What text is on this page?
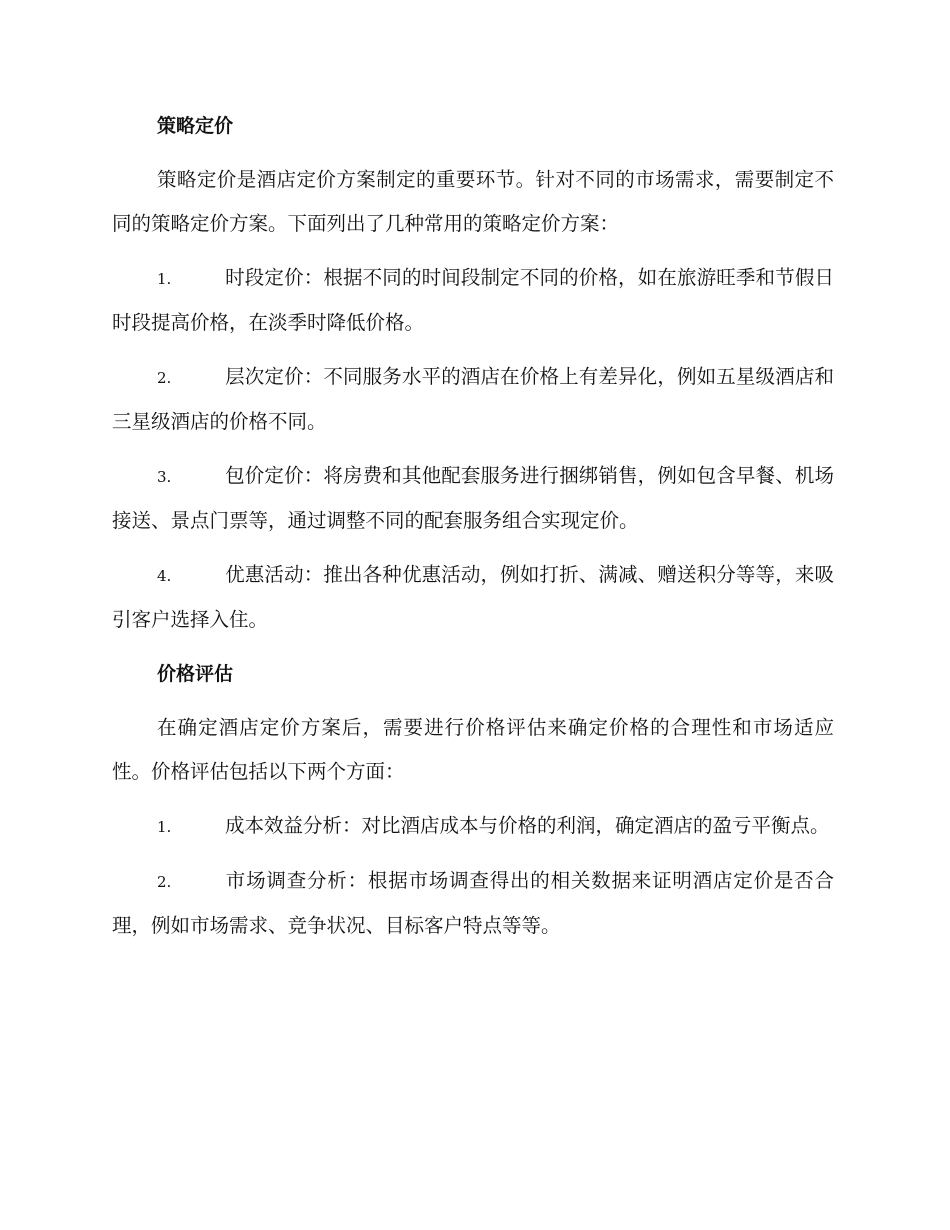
策略定价

策略定价是酒店定价方案制定的重要环节。针对不同的市场需求，需要制定不同的策略定价方案。下面列出了几种常用的策略定价方案：

1.	时段定价：根据不同的时间段制定不同的价格，如在旅游旺季和节假日时段提高价格，在淡季时降低价格。

2.	层次定价：不同服务水平的酒店在价格上有差异化，例如五星级酒店和三星级酒店的价格不同。

3.	包价定价：将房费和其他配套服务进行捆绑销售，例如包含早餐、机场接送、景点门票等，通过调整不同的配套服务组合实现定价。

4.	优惠活动：推出各种优惠活动，例如打折、满减、赠送积分等等，来吸引客户选择入住。

价格评估

在确定酒店定价方案后，需要进行价格评估来确定价格的合理性和市场适应性。价格评估包括以下两个方面：

1.	成本效益分析：对比酒店成本与价格的利润，确定酒店的盈亏平衡点。

2.	市场调查分析：根据市场调查得出的相关数据来证明酒店定价是否合理，例如市场需求、竞争状况、目标客户特点等等。
